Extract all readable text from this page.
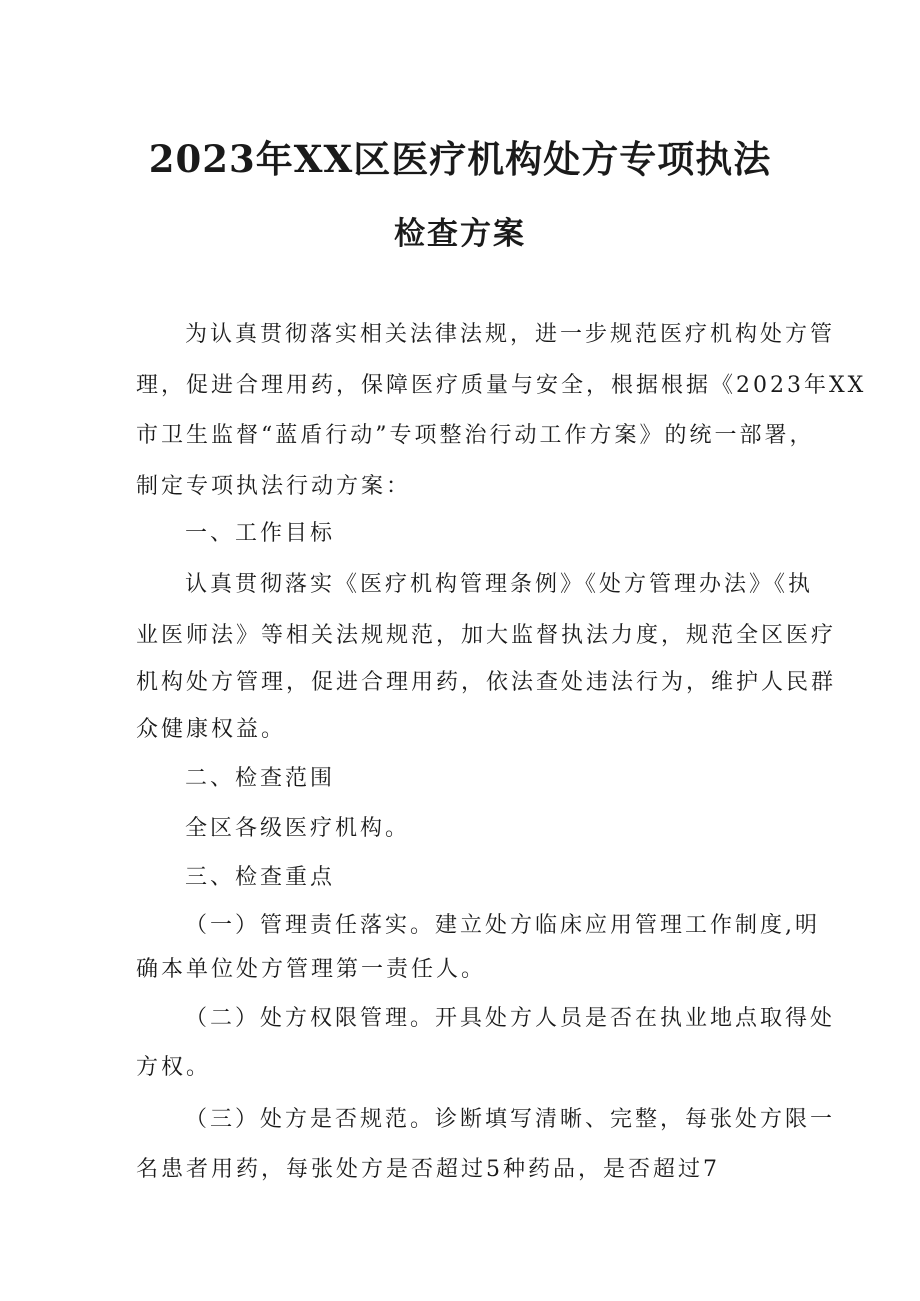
2023年XX区医疗机构处方专项执法
检查方案
为认真贯彻落实相关法律法规，进一步规范医疗机构处方管
理，促进合理用药，保障医疗质量与安全，根据根据《2023年XX
市卫生监督“蓝盾行动”专项整治行动工作方案》的统一部署，
制定专项执法行动方案：
一、工作目标
认真贯彻落实《医疗机构管理条例》《处方管理办法》《执
业医师法》等相关法规规范，加大监督执法力度，规范全区医疗
机构处方管理，促进合理用药，依法查处违法行为，维护人民群
众健康权益。
二、检查范围
全区各级医疗机构。
三、检查重点
（一）管理责任落实。建立处方临床应用管理工作制度,明
确本单位处方管理第一责任人。
（二）处方权限管理。开具处方人员是否在执业地点取得处
方权。
（三）处方是否规范。诊断填写清晰、完整，每张处方限一
名患者用药，每张处方是否超过5种药品，是否超过7
